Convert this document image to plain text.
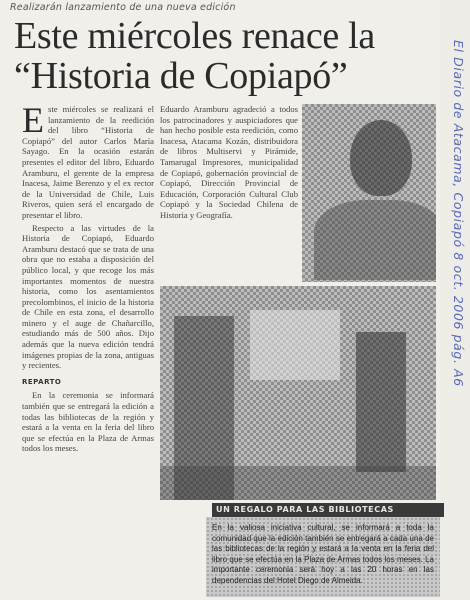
Realizarán lanzamiento de una nueva edición
Este miércoles renace la
“Historia de Copiapó”

Este miércoles se realizará el lanzamiento de la reedición del libro “Historia de Copiapó” del autor Carlos María Sayago. En la ocasión estarán presentes el editor del libro, Eduardo Aramburu, el gerente de la empresa Inacesa, Jaime Berenzo y el ex rector de la Universidad de Chile, Luis Riveros, quien será el encargado de presentar el libro.

Respecto a las virtudes de la Historia de Copiapó, Eduardo Aramburu destacó que se trata de una obra que no estaba a disposición del público local, y que recoge los más importantes momentos de nuestra historia, como los asentamientos precolombinos, el inicio de la historia de Chile en esta zona, el desarrollo minero y el auge de Chañarcillo, estudiando más de 500 años. Dijo además que la nueva edición tendrá imágenes propias de la zona, antiguas y recientes.

REPARTO

En la ceremonia se informará también que se entregará la edición a todas las bibliotecas de la región y estará a la venta en la feria del libro que se efectúa en la Plaza de Armas todos los meses.

Eduardo Aramburu agradeció a todos los patrocinadores y auspiciadores que han hecho posible esta reedición, como Inacesa, Atacama Kozán, distribuidora de libros Multiservi y Pirámide, Tamarugal Impresores, municipalidad de Copiapó, gobernación provincial de Copiapó, Dirección Provincial de Educación, Corporación Cultural Club Copiapó y la Sociedad Chilena de Historia y Geografía.

UN REGALO PARA LAS BIBLIOTECAS
En la valiosa iniciativa cultural, se informará a toda la comunidad que la edición también se entregará a cada una de las bibliotecas de la región y estará a la venta en la feria del libro que se efectúa en la Plaza de Armas todos los meses. La importante ceremonia será hoy a las 20 horas en las dependencias del Hotel Diego de Almeida.
El Diario de Atacama, Copiapó 8 oct. 2006 pág. A6
